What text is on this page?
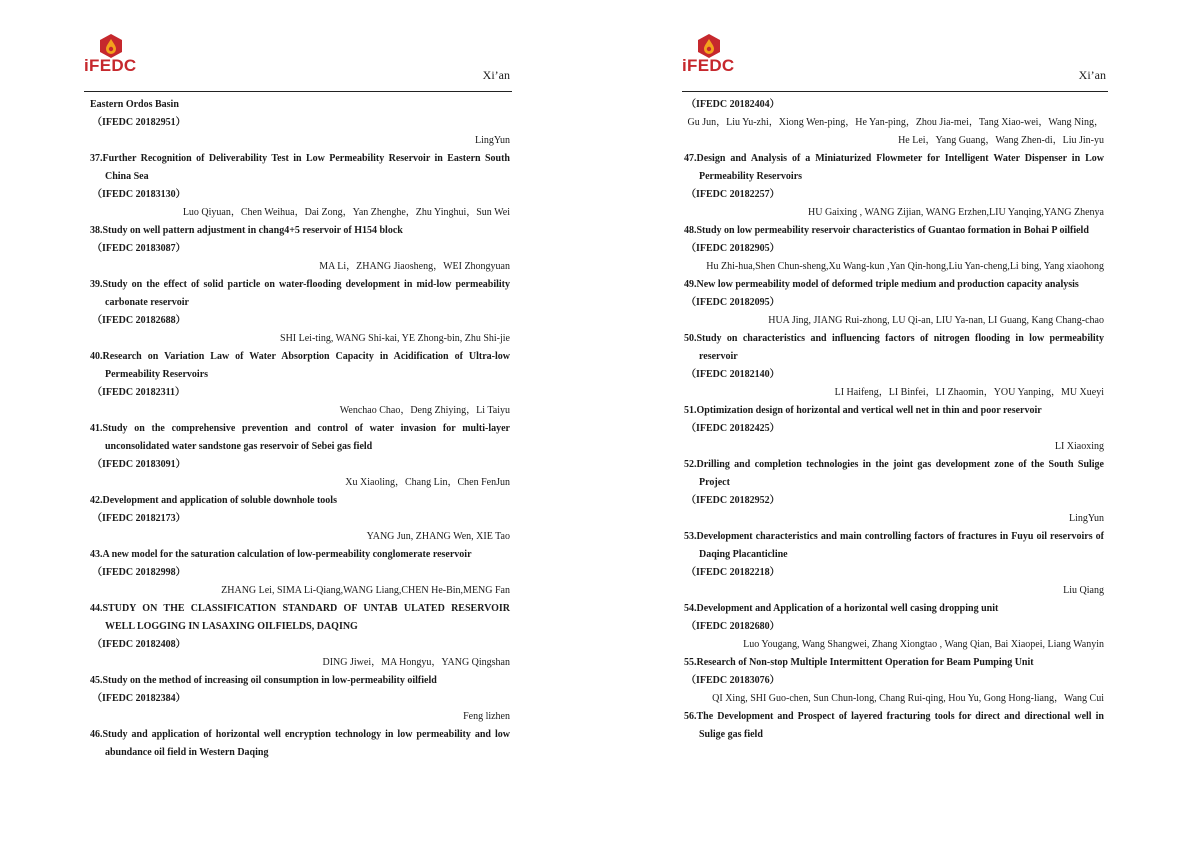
iFEDC	Xi’an

Eastern Ordos Basin

（IFEDC 20182951）

LingYun

37.Further Recognition of Deliverability Test in Low Permeability Reservoir in Eastern South China Sea

（IFEDC 20183130）

Luo Qiyuan，Chen Weihua，Dai Zong，Yan Zhenghe，Zhu Yinghui，Sun Wei

38.Study on well pattern adjustment in chang4+5 reservoir of H154 block

（IFEDC 20183087）

MA Li，ZHANG Jiaosheng，WEI Zhongyuan

39.Study on the effect of solid particle on water-flooding development in mid-low permeability carbonate reservoir

（IFEDC 20182688）

SHI Lei-ting, WANG Shi-kai, YE Zhong-bin, Zhu Shi-jie

40.Research on Variation Law of Water Absorption Capacity in Acidification of Ultra-low Permeability Reservoirs

（IFEDC 20182311）

Wenchao Chao，Deng Zhiying，Li Taiyu

41.Study on the comprehensive prevention and control of water invasion for multi-layer unconsolidated water sandstone gas reservoir of Sebei gas field

（IFEDC 20183091）

Xu Xiaoling，Chang Lin，Chen FenJun

42.Development and application of soluble downhole tools

（IFEDC 20182173）

YANG Jun, ZHANG Wen, XIE Tao

43.A new model for the saturation calculation of low-permeability conglomerate reservoir

（IFEDC 20182998）

ZHANG Lei, SIMA Li-Qiang,WANG Liang,CHEN He-Bin,MENG Fan

44.STUDY ON THE CLASSIFICATION STANDARD OF UNTAB ULATED RESERVOIR WELL LOGGING IN LASAXING OILFIELDS, DAQING

（IFEDC 20182408）

DING Jiwei，MA Hongyu，YANG Qingshan

45.Study on the method of increasing oil consumption in low-permeability oilfield

（IFEDC 20182384）

Feng lizhen

46.Study and application of horizontal well encryption technology in low permeability and low abundance oil field in Western Daqing

iFEDC	Xi’an

（IFEDC 20182404）

Gu Jun，Liu Yu-zhi，Xiong Wen-ping，He Yan-ping，Zhou Jia-mei，Tang Xiao-wei，Wang Ning，He Lei，Yang Guang，Wang Zhen-di，Liu Jin-yu

47.Design and Analysis of a Miniaturized Flowmeter for Intelligent Water Dispenser in Low Permeability Reservoirs

（IFEDC 20182257）

HU Gaixing , WANG Zijian, WANG Erzhen,LIU Yanqing,YANG Zhenya

48.Study on low permeability reservoir characteristics of Guantao formation in Bohai P oilfield

（IFEDC 20182905）

Hu Zhi-hua,Shen Chun-sheng,Xu Wang-kun ,Yan Qin-hong,Liu Yan-cheng,Li bing, Yang xiaohong

49.New low permeability model of deformed triple medium and production capacity analysis

（IFEDC 20182095）

HUA Jing, JIANG Rui-zhong, LU Qi-an, LIU Ya-nan, LI Guang, Kang Chang-chao

50.Study on characteristics and influencing factors of nitrogen flooding in low permeability reservoir

（IFEDC 20182140）

LI Haifeng，LI Binfei，LI Zhaomin，YOU Yanping，MU Xueyi

51.Optimization design of horizontal and vertical well net in thin and poor reservoir

（IFEDC 20182425）

LI Xiaoxing

52.Drilling and completion technologies in the joint gas development zone of the South Sulige Project

（IFEDC 20182952）

LingYun

53.Development characteristics and main controlling factors of fractures in Fuyu oil reservoirs of Daqing Placanticline

（IFEDC 20182218）

Liu Qiang

54.Development and Application of a horizontal well casing dropping unit

（IFEDC 20182680）

Luo Yougang, Wang Shangwei, Zhang Xiongtao , Wang Qian, Bai Xiaopei, Liang Wanyin

55.Research of Non-stop Multiple Intermittent Operation for Beam Pumping Unit

（IFEDC 20183076）

QI Xing, SHI Guo-chen, Sun Chun-long, Chang Rui-qing, Hou Yu, Gong Hong-liang，Wang Cui

56.The Development and Prospect of layered fracturing tools for direct and directional well in Sulige gas field
